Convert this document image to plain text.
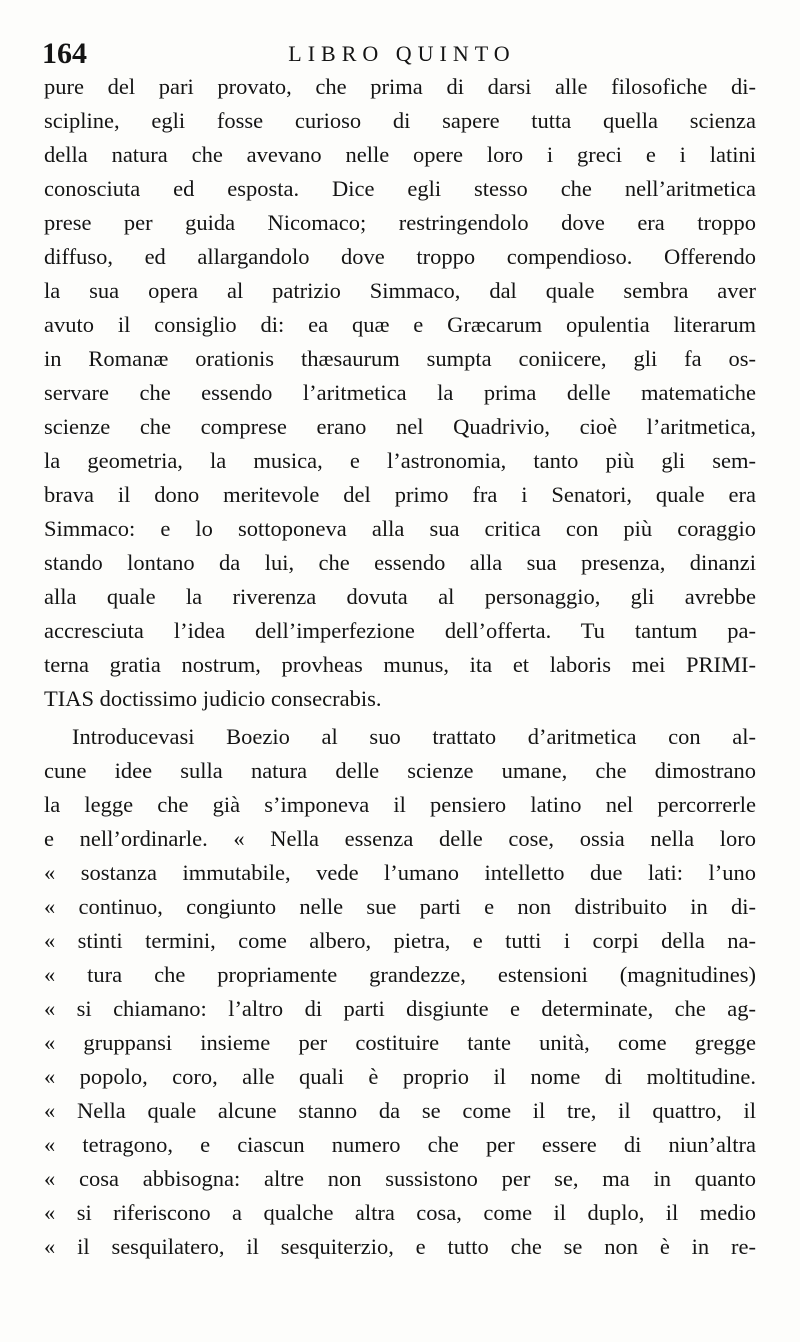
164	LIBRO QUINTO
pure del pari provato, che prima di darsi alle filosofiche di-
scipline, egli fosse curioso di sapere tutta quella scienza
della natura che avevano nelle opere loro i greci e i latini
conosciuta ed esposta. Dice egli stesso che nell’aritmetica
prese per guida Nicomaco; restringendolo dove era troppo
diffuso, ed allargandolo dove troppo compendioso. Offerendo
la sua opera al patrizio Simmaco, dal quale sembra aver
avuto il consiglio di: ea quæ e Græcarum opulentia literarum
in Romanæ orationis thæsaurum sumpta coniicere, gli fa os-
servare che essendo l’aritmetica la prima delle matematiche
scienze che comprese erano nel Quadrivio, cioè l’aritmetica,
la geometria, la musica, e l’astronomia, tanto più gli sem-
brava il dono meritevole del primo fra i Senatori, quale era
Simmaco: e lo sottoponeva alla sua critica con più coraggio
stando lontano da lui, che essendo alla sua presenza, dinanzi
alla quale la riverenza dovuta al personaggio, gli avrebbe
accresciuta l’idea dell’imperfezione dell’offerta. Tu tantum pa-
terna gratia nostrum, provheas munus, ita et laboris mei PRIMI-
TIAS doctissimo judicio consecrabis.
Introducevasi Boezio al suo trattato d’aritmetica con al-
cune idee sulla natura delle scienze umane, che dimostrano
la legge che già s’imponeva il pensiero latino nel percorrerle
e nell’ordinarle. « Nella essenza delle cose, ossia nella loro
« sostanza immutabile, vede l’umano intelletto due lati: l’uno
« continuo, congiunto nelle sue parti e non distribuito in di-
« stinti termini, come albero, pietra, e tutti i corpi della na-
« tura che propriamente grandezze, estensioni (magnitudines)
« si chiamano: l’altro di parti disgiunte e determinate, che ag-
« gruppansi insieme per costituire tante unità, come gregge
« popolo, coro, alle quali è proprio il nome di moltitudine.
« Nella quale alcune stanno da se come il tre, il quattro, il
« tetragono, e ciascun numero che per essere di niun’altra
« cosa abbisogna: altre non sussistono per se, ma in quanto
« si riferiscono a qualche altra cosa, come il duplo, il medio
« il sesquilatero, il sesquiterzio, e tutto che se non è in re-
